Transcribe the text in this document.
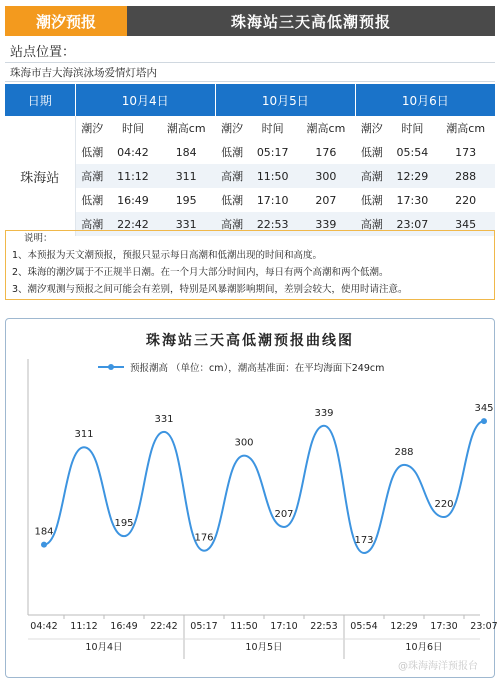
潮汐预报	珠海站三天高低潮预报
站点位置：
珠海市吉大海滨泳场爱情灯塔内
日期	10月4日			10月5日			10月6日		
珠海站	潮汐	时间	潮高cm	潮汐	时间	潮高cm	潮汐	时间	潮高cm
	低潮	04:42	184	低潮	05:17	176	低潮	05:54	173
	高潮	11:12	311	高潮	11:50	300	高潮	12:29	288
	低潮	16:49	195	低潮	17:10	207	低潮	17:30	220
	高潮	22:42	331	高潮	22:53	339	高潮	23:07	345
说明：
1、本预报为天文潮预报，预报只显示每日高潮和低潮出现的时间和高度。
2、珠海的潮汐属于不正规半日潮。在一个月大部分时间内，每日有两个高潮和两个低潮。
3、潮汐观测与预报之间可能会有差别，特别是风暴潮影响期间，差别会较大，使用时请注意。
珠海站三天高低潮预报曲线图
预报潮高 （单位：cm），潮高基准面：在平均海面下249cm
184
311
195
331
176
300
207
339
173
288
220
345
04:42 11:12 16:49 22:42 05:17 11:50 17:10 22:53 05:54 12:29 17:30 23:07
10月4日	10月5日	10月6日
@珠海海洋预报台
